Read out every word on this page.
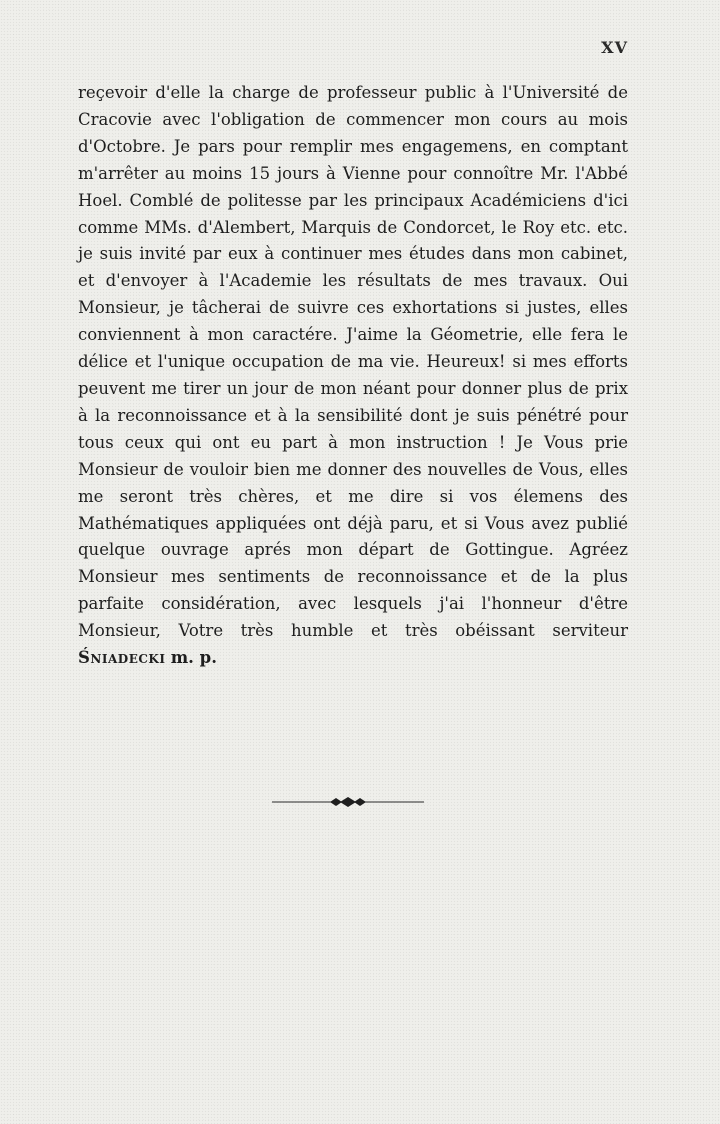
XV

reçevoir d'elle la charge de professeur public à l'Université de Cracovie avec l'obligation de commencer mon cours au mois d'Octobre. Je pars pour remplir mes engagemens, en comptant m'arrêter au moins 15 jours à Vienne pour connoître Mr. l'Abbé Hoel. Comblé de politesse par les principaux Académiciens d'ici comme MMs. d'Alembert, Marquis de Condorcet, le Roy etc. etc. je suis invité par eux à continuer mes études dans mon cabinet, et d'envoyer à l'Academie les résultats de mes travaux. Oui Monsieur, je tâcherai de suivre ces exhortations si justes, elles conviennent à mon caractére. J'aime la Géometrie, elle fera le délice et l'unique occupation de ma vie. Heureux! si mes efforts peuvent me tirer un jour de mon néant pour donner plus de prix à la reconnoissance et à la sensibilité dont je suis pénétré pour tous ceux qui ont eu part à mon instruction ! Je Vous prie Monsieur de vouloir bien me donner des nouvelles de Vous, elles me seront très chères, et me dire si vos élemens des Mathématiques appliquées ont déjà paru, et si Vous avez publié quelque ouvrage aprés mon départ de Gottingue. Agréez Monsieur mes sentiments de reconnoissance et de la plus parfaite considération, avec lesquels j'ai l'honneur d'être Monsieur, Votre très humble et très obéissant serviteur Śniadecki m. p.
